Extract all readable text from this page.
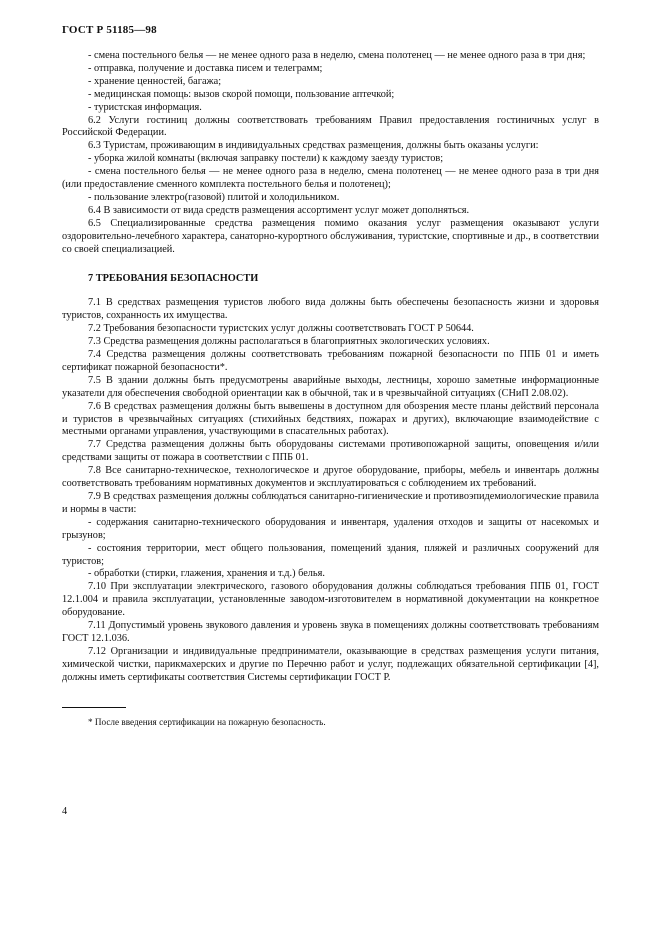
ГОСТ Р 51185—98

- смена постельного белья — не менее одного раза в неделю, смена полотенец — не менее одного раза в три дня;

- отправка, получение и доставка писем и телеграмм;

- хранение ценностей, багажа;

- медицинская помощь: вызов скорой помощи, пользование аптечкой;

- туристская информация.

6.2 Услуги гостиниц должны соответствовать требованиям Правил предоставления гостиничных услуг в Российской Федерации.

6.3 Туристам, проживающим в индивидуальных средствах размещения, должны быть оказаны услуги:

- уборка жилой комнаты (включая заправку постели) к каждому заезду туристов;

- смена постельного белья — не менее одного раза в неделю, смена полотенец — не менее одного раза в три дня (или предоставление сменного комплекта постельного белья и полотенец);

- пользование электро(газовой) плитой и холодильником.

6.4 В зависимости от вида средств размещения ассортимент услуг может дополняться.

6.5 Специализированные средства размещения помимо оказания услуг размещения оказывают услуги оздоровительно-лечебного характера, санаторно-курортного обслуживания, туристские, спортивные и др., в соответствии со своей специализацией.

7 ТРЕБОВАНИЯ БЕЗОПАСНОСТИ

7.1 В средствах размещения туристов любого вида должны быть обеспечены безопасность жизни и здоровья туристов, сохранность их имущества.

7.2 Требования безопасности туристских услуг должны соответствовать ГОСТ Р 50644.

7.3 Средства размещения должны располагаться в благоприятных экологических условиях.

7.4 Средства размещения должны соответствовать требованиям пожарной безопасности по ППБ 01 и иметь сертификат пожарной безопасности*.

7.5 В здании должны быть предусмотрены аварийные выходы, лестницы, хорошо заметные информационные указатели для обеспечения свободной ориентации как в обычной, так и в чрезвычайной ситуациях (СНиП 2.08.02).

7.6 В средствах размещения должны быть вывешены в доступном для обозрения месте планы действий персонала и туристов в чрезвычайных ситуациях (стихийных бедствиях, пожарах и других), включающие взаимодействие с местными органами управления, участвующими в спасательных работах).

7.7 Средства размещения должны быть оборудованы системами противопожарной защиты, оповещения и/или средствами защиты от пожара в соответствии с ППБ 01.

7.8 Все санитарно-техническое, технологическое и другое оборудование, приборы, мебель и инвентарь должны соответствовать требованиям нормативных документов и эксплуатироваться с соблюдением их требований.

7.9 В средствах размещения должны соблюдаться санитарно-гигиенические и противоэпидемиологические правила и нормы в части:

- содержания санитарно-технического оборудования и инвентаря, удаления отходов и защиты от насекомых и грызунов;

- состояния территории, мест общего пользования, помещений здания, пляжей и различных сооружений для туристов;

- обработки (стирки, глажения, хранения и т.д.) белья.

7.10 При эксплуатации электрического, газового оборудования должны соблюдаться требования ППБ 01, ГОСТ 12.1.004 и правила эксплуатации, установленные заводом-изготовителем в нормативной документации на конкретное оборудование.

7.11 Допустимый уровень звукового давления и уровень звука в помещениях должны соответствовать требованиям ГОСТ 12.1.036.

7.12 Организации и индивидуальные предприниматели, оказывающие в средствах размещения услуги питания, химической чистки, парикмахерских и другие по Перечню работ и услуг, подлежащих обязательной сертификации [4], должны иметь сертификаты соответствия Системы сертификации ГОСТ Р.

* После введения сертификации на пожарную безопасность.

4
